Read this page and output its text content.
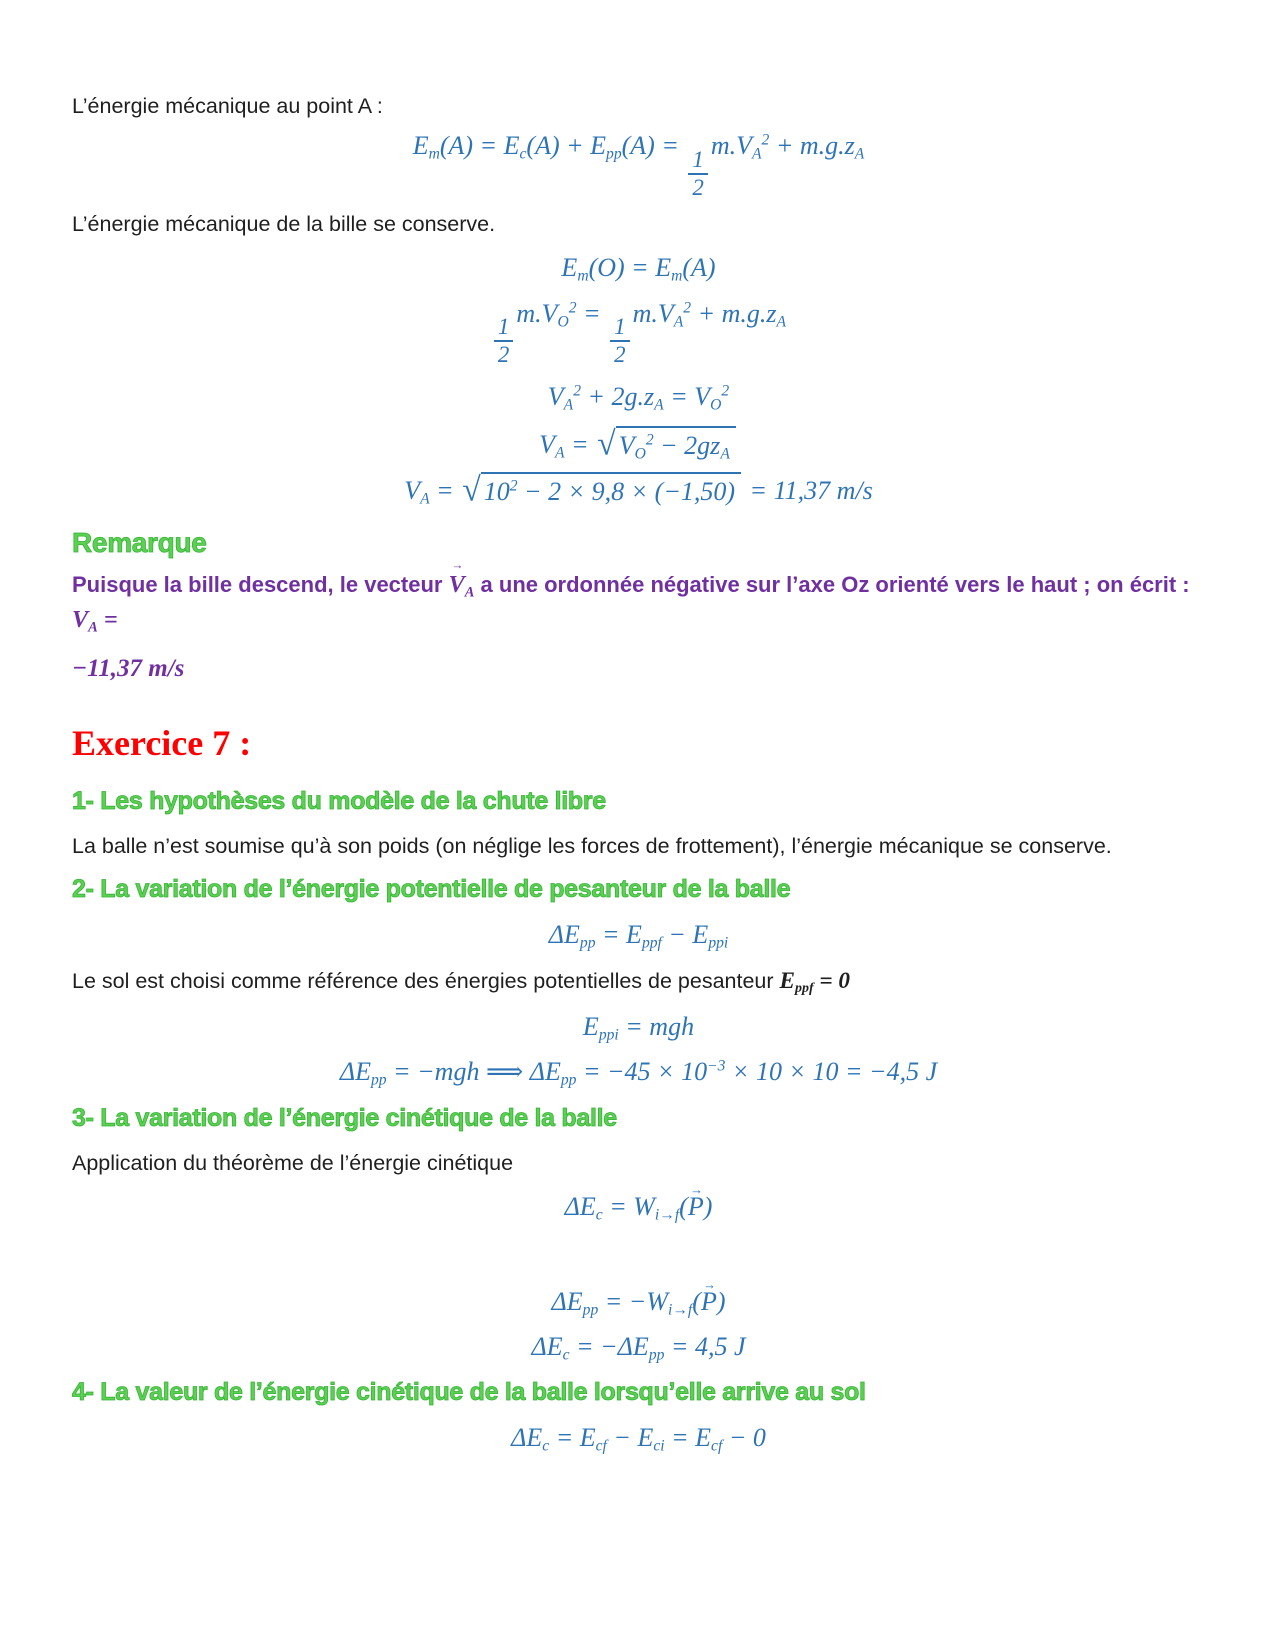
L’énergie mécanique au point A :

$E_m(A) = E_c(A) + E_{pp}(A)$ =
$\frac{1}{2}$
$m.V_A^2 + m.g.z_A$

L’énergie mécanique de la bille se conserve.

$E_m(O) = E_m(A)$
$\frac{1}{2}$
$m.V_O^2$ =
$\frac{1}{2}$
$m.V_A^2 + m.g.z_A$
$V_A^2 + 2g.z_A = V_O^2$
$V_A$ = √ $V_O^2 - 2gz_A$
$V_A$ = √ $10^2 - 2 \times 9,8 \times (-1,50) = 11,37$ m/s
Remarque

Puisque la bille descend, le vecteur $V \to_A$ a une ordonnée négative sur l’axe Oz orienté vers le haut ; on écrit : $V_A$ =

−11,37 m/s

Exercice 7 :
1- Les hypothèses du modèle de la chute libre

La balle n’est soumise qu’à son poids (on néglige les forces de frottement), l’énergie mécanique se conserve.

2- La variation de l’énergie potentielle de pesanteur de la balle
$\Delta E_{pp} = E_{ppf} - E_{ppi}$

Le sol est choisi comme référence des énergies potentielles de pesanteur $E_{ppf} = 0$

$E_{ppi}$ = mgh
$\Delta E_{pp} = -mgh$ ⟹ $\Delta E_{pp} = -45 \times 10^{-3} \times 10 \times 10 = -4,5$ J
3- La variation de l’énergie cinétique de la balle

Application du théorème de l’énergie cinétique

$\Delta E_c = W_{i\to f}(P$ →)
$\Delta E_{pp} = -W_{i\to f}(P$ →)
$\Delta E_c = -\Delta E_{pp} = 4,5$ J
4- La valeur de l’énergie cinétique de la balle lorsqu’elle arrive au sol
$\Delta E_c = E_{cf} - E_{ci} = E_{cf} - 0$
